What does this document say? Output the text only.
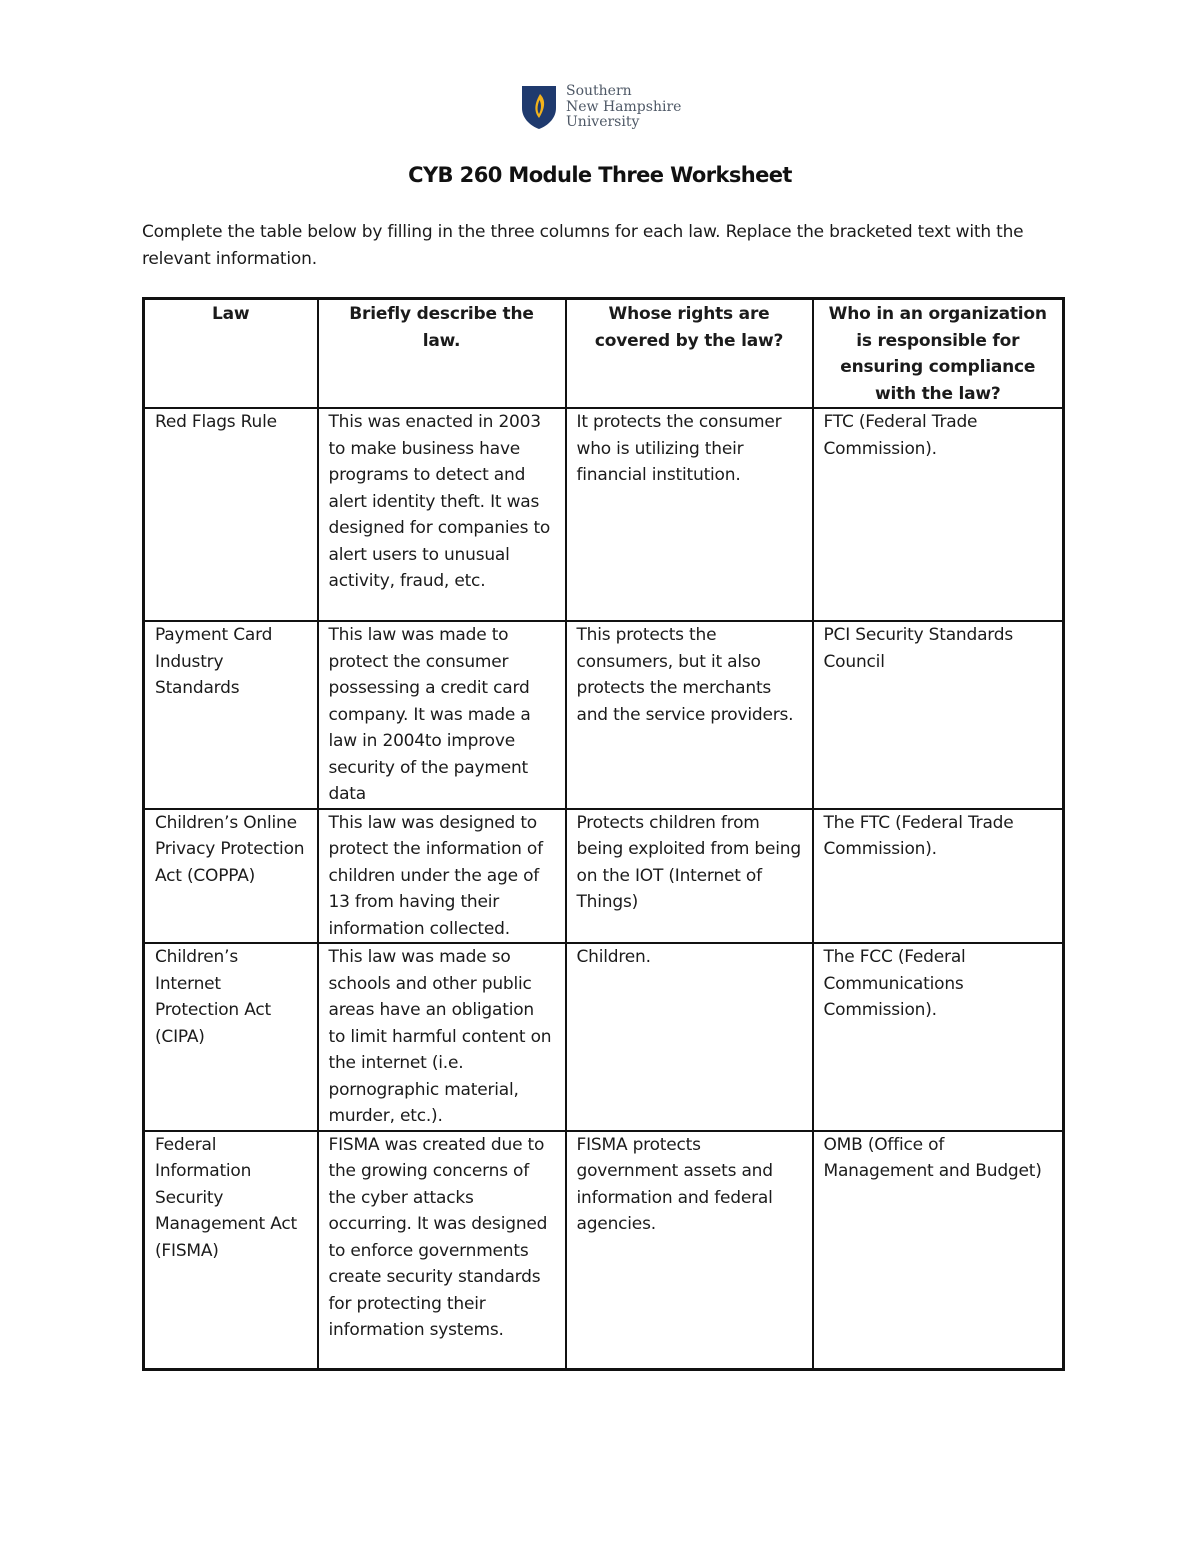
Southern
New Hampshire
University
CYB 260 Module Three Worksheet

Complete the table below by filling in the three columns for each law. Replace the bracketed text with the relevant information.

Law	Briefly describe the law.	Whose rights are covered by the law?	Who in an organization is responsible for ensuring compliance with the law?
Red Flags Rule	This was enacted in 2003 to make business have programs to detect and alert identity theft. It was designed for companies to alert users to unusual activity, fraud, etc.	It protects the consumer who is utilizing their financial institution.	FTC (Federal Trade Commission).
Payment Card Industry Standards	This law was made to protect the consumer possessing a credit card company. It was made a law in 2004to improve security of the payment data	This protects the consumers, but it also protects the merchants and the service providers.	PCI Security Standards Council
Children’s Online Privacy Protection Act (COPPA)	This law was designed to protect the information of children under the age of 13 from having their information collected.	Protects children from being exploited from being on the IOT (Internet of Things)	The FTC (Federal Trade Commission).
Children’s Internet Protection Act (CIPA)	This law was made so schools and other public areas have an obligation to limit harmful content on the internet (i.e. pornographic material, murder, etc.).	Children.	The FCC (Federal Communications Commission).
Federal Information Security Management Act (FISMA)	FISMA was created due to the growing concerns of the cyber attacks occurring. It was designed to enforce governments create security standards for protecting their information systems.	FISMA protects government assets and information and federal agencies.	OMB (Office of Management and Budget)
